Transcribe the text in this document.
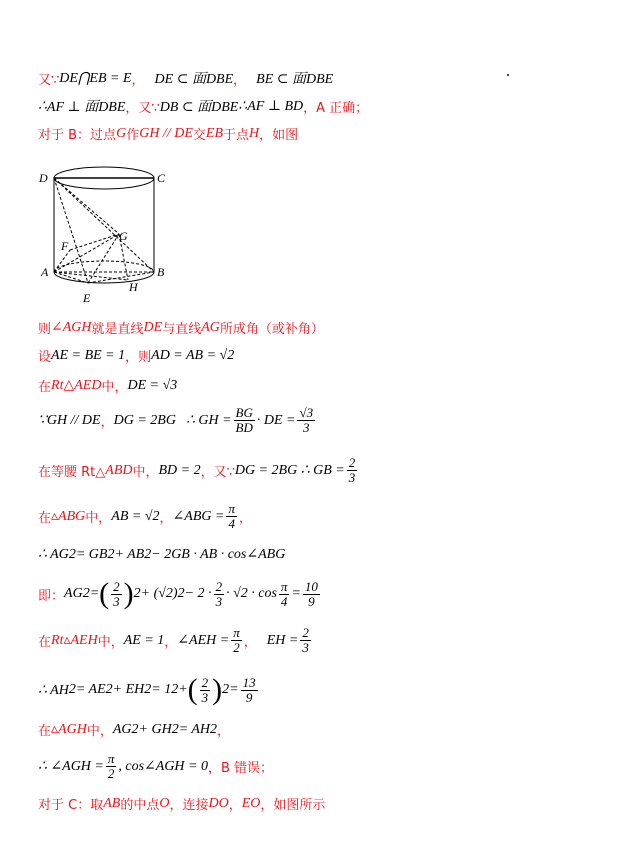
又∵ DE⋂EB = E ， DE ⊂ 面DBE ， BE ⊂ 面DBE
∴ AF ⊥ 面DBE ，又∵ DB ⊂ 面DBE ∴ AF ⊥ BD ，A 正确；
对于 B：过点 G 作 GH // DE 交 EB 于点 H ，如图
D	C
F
G
A	B
H
E
则 ∠AGH 就是直线 DE 与直线 AG 所成角（或补角）
设 AE = BE = 1 ，则 AD = AB = √2
在 Rt△AED 中， DE = √3
∵ GH // DE ， DG = 2BG ∴ GH = $\frac{BG}{BD}$ · DE = $\frac{√3}{3}$
在等腰 Rt△ ABD 中， BD = 2 ，又∵ DG = 2BG ∴ GB = $\frac{2}{3}$
在 ▵ABG 中， AB = √2 ， ∠ABG = $\frac{\pi}{4}$ ，
∴ AG 2 = GB 2 + AB 2 − 2GB · AB · cos∠ABG
即： AG 2 = ( $\frac{2}{3}$ ) 2 + (√2) $2 - 2 \cdot \frac{2}{3} \cdot √2 \cdot \cos \frac{\pi}{4} = \frac{10}{9}$
在 Rt▵AEH 中， AE = 1 ， ∠AEH = $\frac{\pi}{2}$ ， EH = $\frac{2}{3}$
∴ AH 2 = AE 2 + EH 2 = 1 2 + ( $\frac{2}{3}$ ) $2 = \frac{13}{9}$
在 ▵AGH 中， AG 2 + GH 2 = AH 2 ，
∴ ∠AGH = $\frac{\pi}{2}$ , cos∠AGH = 0 ，B 错误；
对于 C：取 AB 的中点 O ，连接 DO ， EO ，如图所示
